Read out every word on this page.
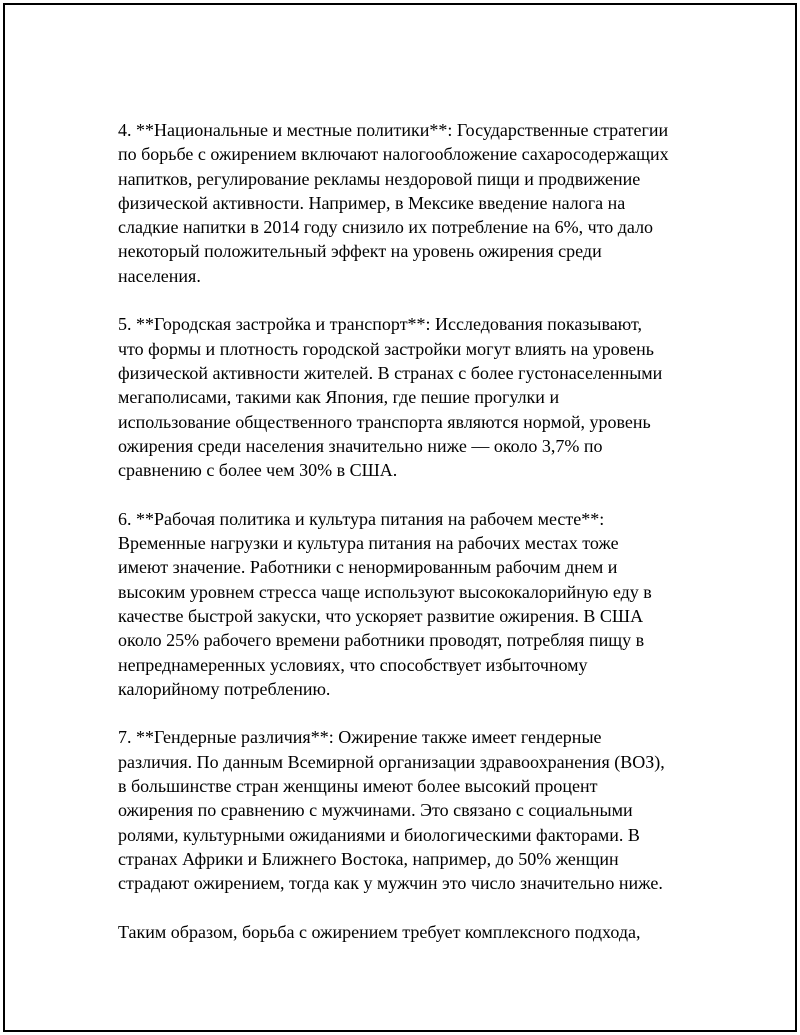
4. **Национальные и местные политики**: Государственные стратегии
по борьбе с ожирением включают налогообложение сахаросодержащих
напитков, регулирование рекламы нездоровой пищи и продвижение
физической активности. Например, в Мексике введение налога на
сладкие напитки в 2014 году снизило их потребление на 6%, что дало
некоторый положительный эффект на уровень ожирения среди
населения.
5. **Городская застройка и транспорт**: Исследования показывают,
что формы и плотность городской застройки могут влиять на уровень
физической активности жителей. В странах с более густонаселенными
мегаполисами, такими как Япония, где пешие прогулки и
использование общественного транспорта являются нормой, уровень
ожирения среди населения значительно ниже — около 3,7% по
сравнению с более чем 30% в США.
6. **Рабочая политика и культура питания на рабочем месте**:
Временные нагрузки и культура питания на рабочих местах тоже
имеют значение. Работники с ненормированным рабочим днем и
высоким уровнем стресса чаще используют высококалорийную еду в
качестве быстрой закуски, что ускоряет развитие ожирения. В США
около 25% рабочего времени работники проводят, потребляя пищу в
непреднамеренных условиях, что способствует избыточному
калорийному потреблению.
7. **Гендерные различия**: Ожирение также имеет гендерные
различия. По данным Всемирной организации здравоохранения (ВОЗ),
в большинстве стран женщины имеют более высокий процент
ожирения по сравнению с мужчинами. Это связано с социальными
ролями, культурными ожиданиями и биологическими факторами. В
странах Африки и Ближнего Востока, например, до 50% женщин
страдают ожирением, тогда как у мужчин это число значительно ниже.
Таким образом, борьба с ожирением требует комплексного подхода,
